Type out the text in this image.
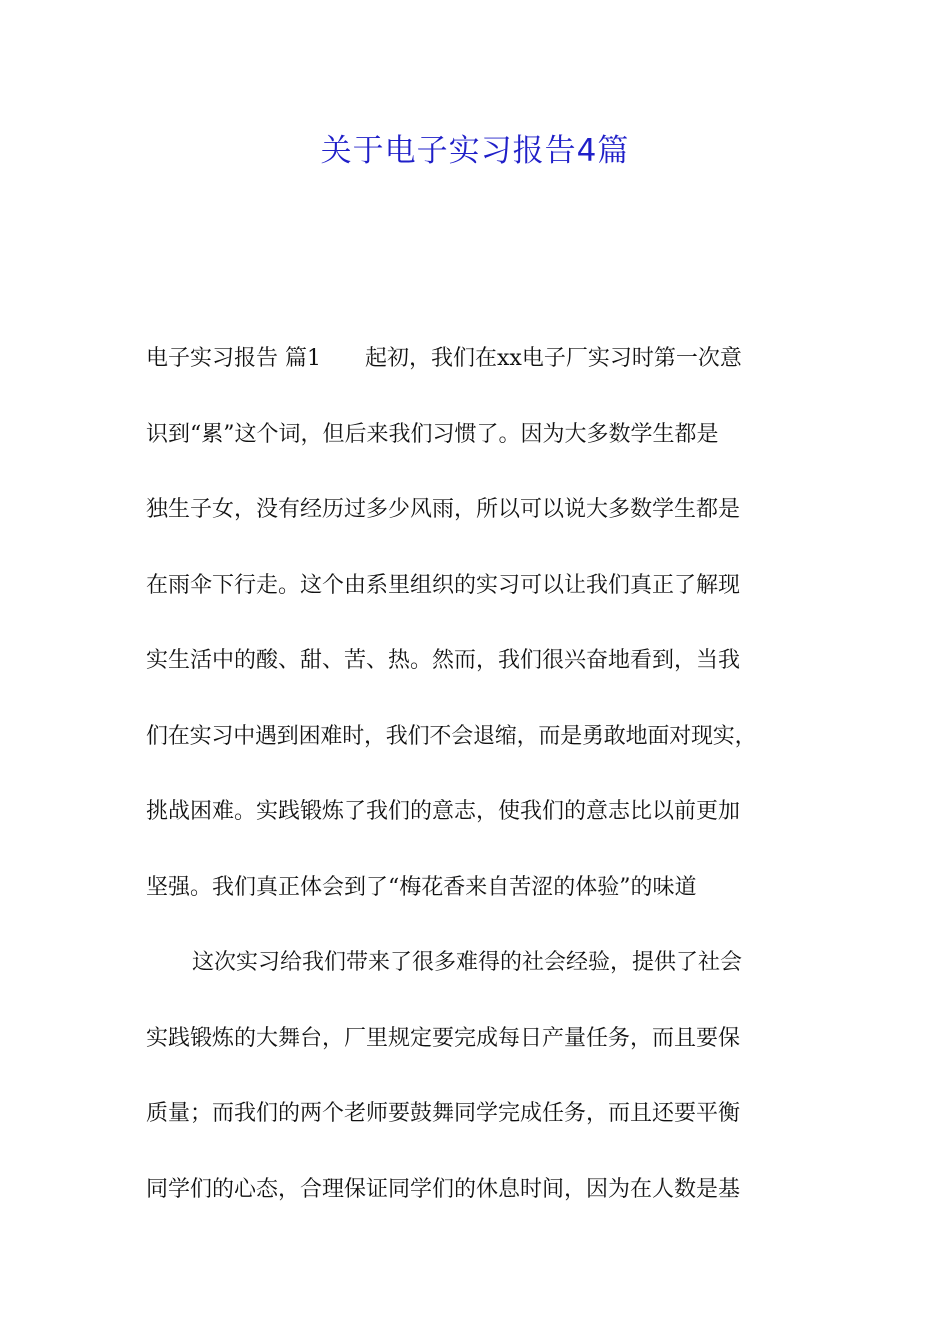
关于电子实习报告4篇
电子实习报告 篇1 起初，我们在xx电子厂实习时第一次意
识到“累”这个词，但后来我们习惯了。因为大多数学生都是
独生子女，没有经历过多少风雨，所以可以说大多数学生都是
在雨伞下行走。这个由系里组织的实习可以让我们真正了解现
实生活中的酸、甜、苦、热。然而，我们很兴奋地看到，当我
们在实习中遇到困难时，我们不会退缩，而是勇敢地面对现实，
挑战困难。实践锻炼了我们的意志，使我们的意志比以前更加
坚强。我们真正体会到了“梅花香来自苦涩的体验”的味道
这次实习给我们带来了很多难得的社会经验，提供了社会
实践锻炼的大舞台，厂里规定要完成每日产量任务，而且要保
质量；而我们的两个老师要鼓舞同学完成任务，而且还要平衡
同学们的心态，合理保证同学们的休息时间，因为在人数是基
